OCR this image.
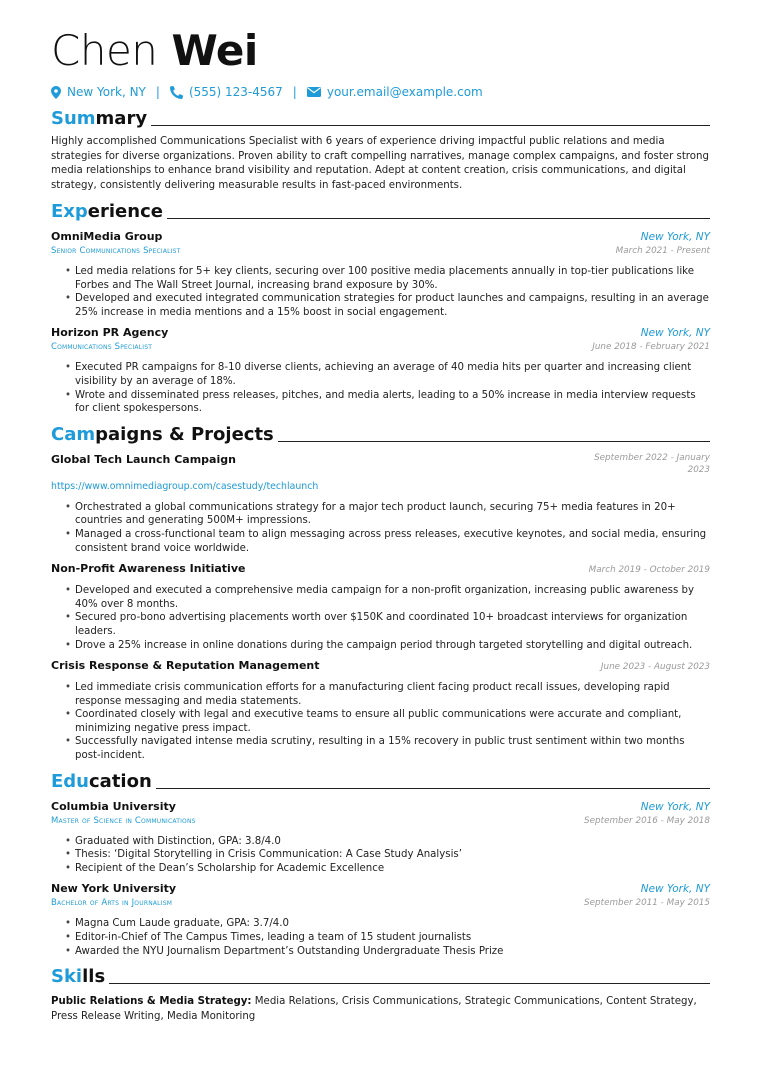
Chen Wei
New York, NY | (555) 123-4567 |	your.email@example.com
Summary
Highly accomplished Communications Specialist with 6 years of experience driving impactful public relations and media strategies for diverse organizations. Proven ability to craft compelling narratives, manage complex campaigns, and foster strong media relationships to enhance brand visibility and reputation. Adept at content creation, crisis communications, and digital strategy, consistently delivering measurable results in fast-paced environments.
Experience
OmniMedia Group	New York, NY
Senior Communications Specialist	March 2021 - Present
• Led media relations for 5+ key clients, securing over 100 positive media placements annually in top-tier publications like Forbes and The Wall Street Journal, increasing brand exposure by 30%.
• Developed and executed integrated communication strategies for product launches and campaigns, resulting in an average 25% increase in media mentions and a 15% boost in social engagement.
Horizon PR Agency	New York, NY
Communications Specialist	June 2018 - February 2021
• Executed PR campaigns for 8-10 diverse clients, achieving an average of 40 media hits per quarter and increasing client visibility by an average of 18%.
• Wrote and disseminated press releases, pitches, and media alerts, leading to a 50% increase in media interview requests for client spokespersons.
Campaigns & Projects
Global Tech Launch Campaign	September 2022 - January 2023
https://www.omnimediagroup.com/casestudy/techlaunch
• Orchestrated a global communications strategy for a major tech product launch, securing 75+ media features in 20+ countries and generating 500M+ impressions.
• Managed a cross-functional team to align messaging across press releases, executive keynotes, and social media, ensuring consistent brand voice worldwide.
Non-Profit Awareness Initiative	March 2019 - October 2019
• Developed and executed a comprehensive media campaign for a non-profit organization, increasing public awareness by 40% over 8 months.
• Secured pro-bono advertising placements worth over $150K and coordinated 10+ broadcast interviews for organization leaders.
• Drove a 25% increase in online donations during the campaign period through targeted storytelling and digital outreach.
Crisis Response & Reputation Management	June 2023 - August 2023
• Led immediate crisis communication efforts for a manufacturing client facing product recall issues, developing rapid response messaging and media statements.
• Coordinated closely with legal and executive teams to ensure all public communications were accurate and compliant, minimizing negative press impact.
• Successfully navigated intense media scrutiny, resulting in a 15% recovery in public trust sentiment within two months post-incident.
Education
Columbia University	New York, NY
Master of Science in Communications	September 2016 - May 2018
• Graduated with Distinction, GPA: 3.8/4.0
• Thesis: ‘Digital Storytelling in Crisis Communication: A Case Study Analysis’
• Recipient of the Dean’s Scholarship for Academic Excellence
New York University	New York, NY
Bachelor of Arts in Journalism	September 2011 - May 2015
• Magna Cum Laude graduate, GPA: 3.7/4.0
• Editor-in-Chief of The Campus Times, leading a team of 15 student journalists
• Awarded the NYU Journalism Department’s Outstanding Undergraduate Thesis Prize
Skills
Public Relations & Media Strategy: Media Relations, Crisis Communications, Strategic Communications, Content Strategy, Press Release Writing, Media Monitoring
